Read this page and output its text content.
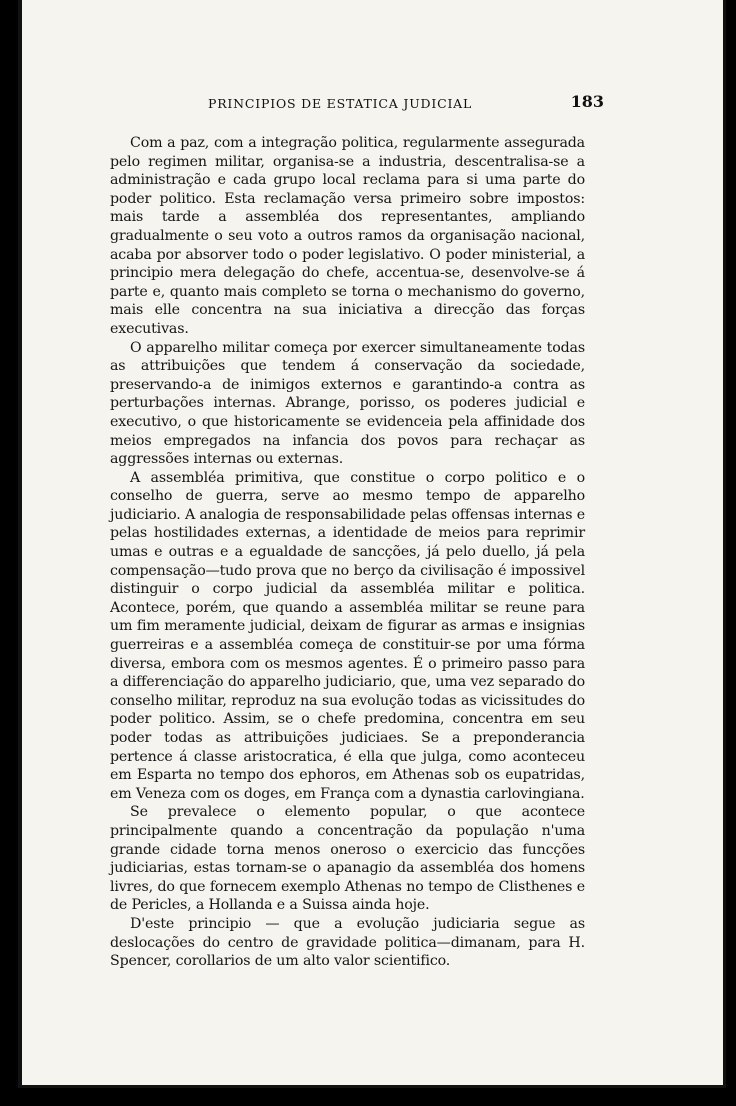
PRINCIPIOS DE ESTATICA JUDICIAL	183

Com a paz, com a integração politica, regularmente assegurada pelo regimen militar, organisa-se a industria, descentralisa-se a administração e cada grupo local reclama para si uma parte do poder politico. Esta reclamação versa primeiro sobre impostos: mais tarde a assembléa dos representantes, ampliando gradualmente o seu voto a outros ramos da organisação nacional, acaba por absorver todo o poder legislativo. O poder ministerial, a principio mera delegação do chefe, accentua-se, desenvolve-se á parte e, quanto mais completo se torna o mechanismo do governo, mais elle concentra na sua iniciativa a direcção das forças executivas.

O apparelho militar começa por exercer simultaneamente todas as attribuições que tendem á conservação da sociedade, preservando-a de inimigos externos e garantindo-a contra as perturbações internas. Abrange, porisso, os poderes judicial e executivo, o que historicamente se evidenceia pela affinidade dos meios empregados na infancia dos povos para rechaçar as aggressões internas ou externas.

A assembléa primitiva, que constitue o corpo politico e o conselho de guerra, serve ao mesmo tempo de apparelho judiciario. A analogia de responsabilidade pelas offensas internas e pelas hostilidades externas, a identidade de meios para reprimir umas e outras e a egualdade de sancções, já pelo duello, já pela compensação—tudo prova que no berço da civilisação é impossivel distinguir o corpo judicial da assembléa militar e politica. Acontece, porém, que quando a assembléa militar se reune para um fim meramente judicial, deixam de figurar as armas e insignias guerreiras e a assembléa começa de constituir-se por uma fórma diversa, embora com os mesmos agentes. É o primeiro passo para a differenciação do apparelho judiciario, que, uma vez separado do conselho militar, reproduz na sua evolução todas as vicissitudes do poder politico. Assim, se o chefe predomina, concentra em seu poder todas as attribuições judiciaes. Se a preponderancia pertence á classe aristocratica, é ella que julga, como aconteceu em Esparta no tempo dos ephoros, em Athenas sob os eupatridas, em Veneza com os doges, em França com a dynastia carlovingiana.

Se prevalece o elemento popular, o que acontece principalmente quando a concentração da população n'uma grande cidade torna menos oneroso o exercicio das funcções judiciarias, estas tornam-se o apanagio da assembléa dos homens livres, do que fornecem exemplo Athenas no tempo de Clisthenes e de Pericles, a Hollanda e a Suissa ainda hoje.

D'este principio — que a evolução judiciaria segue as deslocações do centro de gravidade politica—dimanam, para H. Spencer, corollarios de um alto valor scientifico.
